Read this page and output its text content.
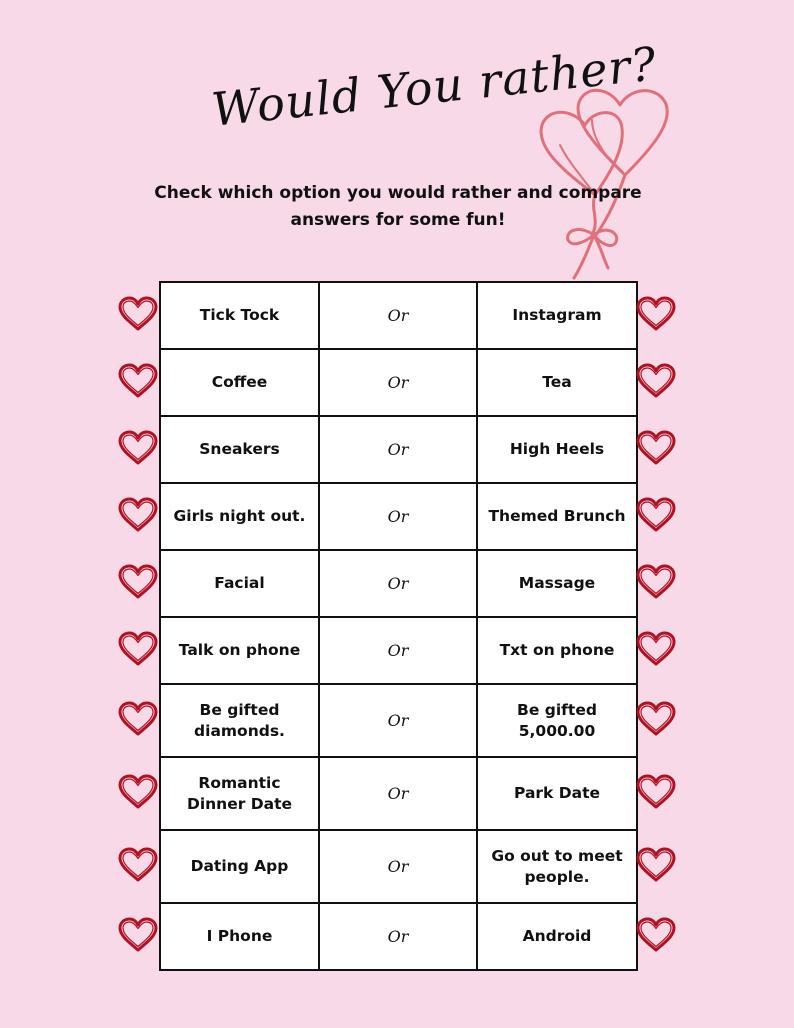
Would You rather?
Check which option you would rather and compare answers for some fun!
Tick Tock	Or	Instagram
Coffee	Or	Tea
Sneakers	Or	High Heels
Girls night out.	Or	Themed Brunch
Facial	Or	Massage
Talk on phone	Or	Txt on phone
Be gifted diamonds.	Or	Be gifted 5,000.00
Romantic Dinner Date	Or	Park Date
Dating App	Or	Go out to meet people.
I Phone	Or	Android
